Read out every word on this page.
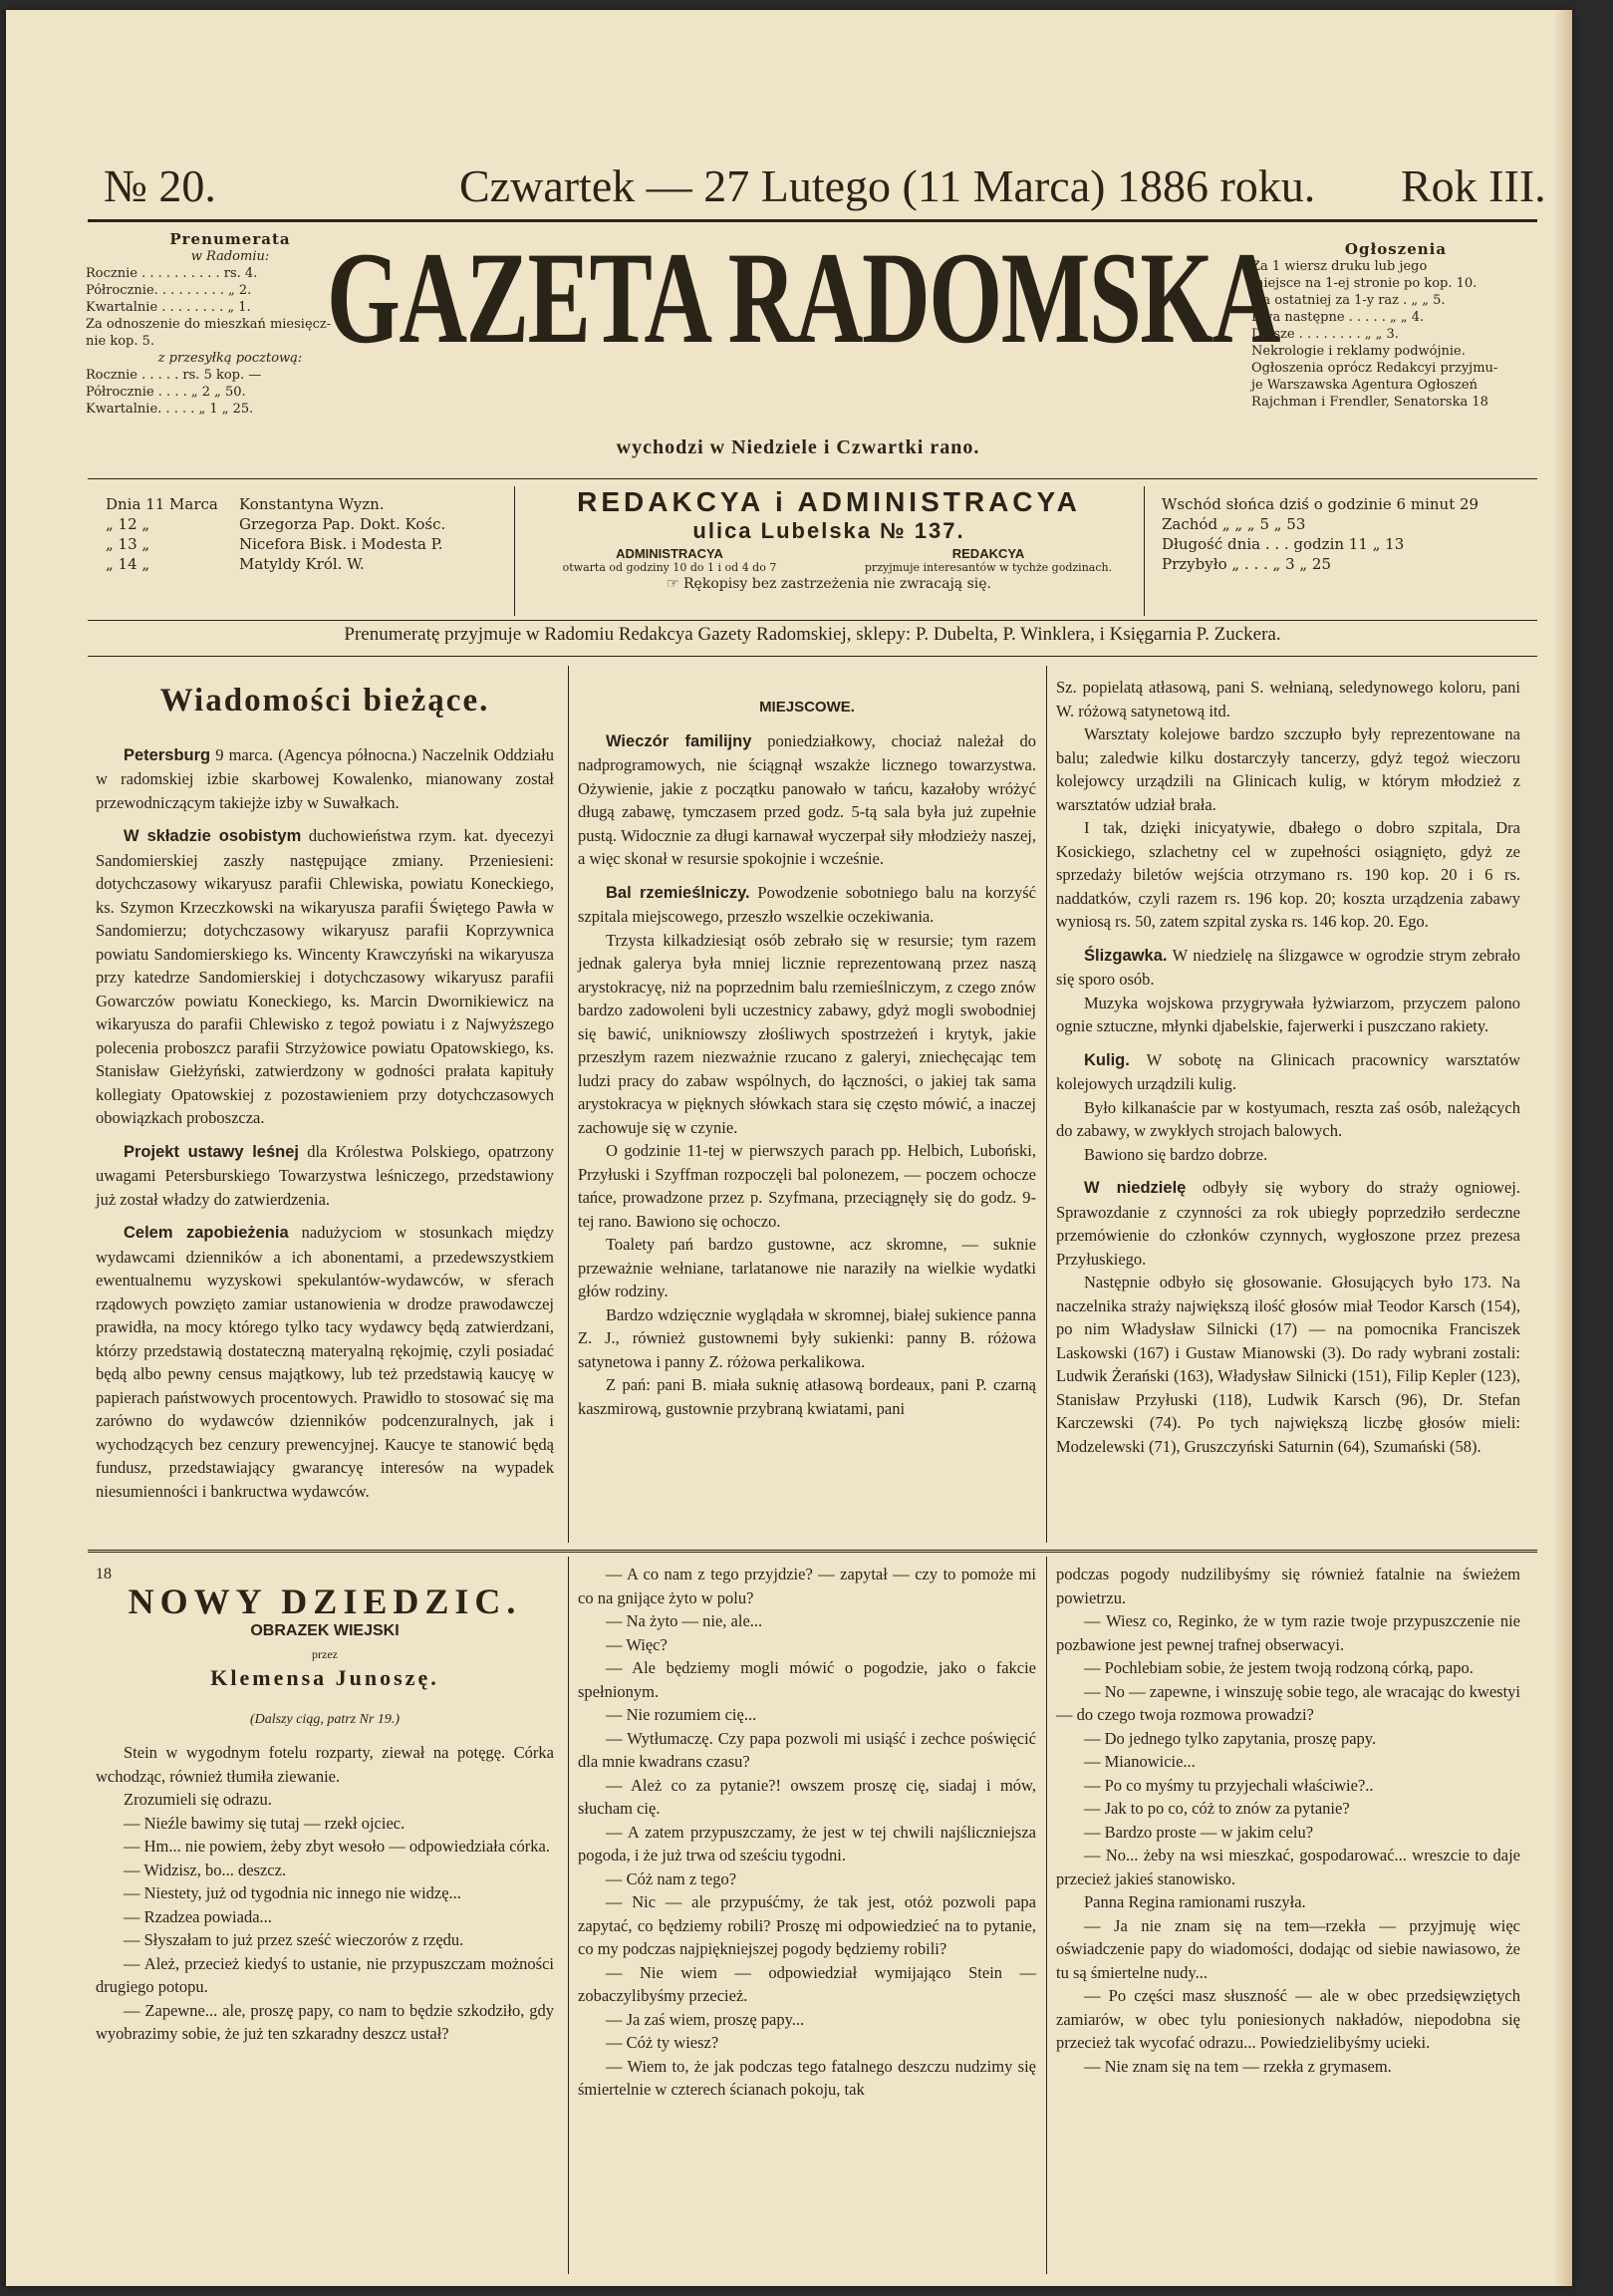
№ 20.	Czwartek — 27 Lutego (11 Marca) 1886 roku. Rok III.
Prenumerata
w Radomiu:
Rocznie . . . . . . . . . . rs. 4.
Półrocznie. . . . . . . . . „ 2.
Kwartalnie . . . . . . . . „ 1.
Za odnoszenie do mieszkań miesięcz-
nie kop. 5.
z przesyłką pocztową:
Rocznie . . . . . rs. 5 kop. —
Półrocznie . . . . „ 2 „ 50.
Kwartalnie. . . . . „ 1 „ 25.
GAZETA RADOMSKA
wychodzi w Niedziele i Czwartki rano.
Ogłoszenia
Za 1 wiersz druku lub jego
miejsce na 1-ej stronie po kop. 10.
Na ostatniej za 1-y raz . „ „ 5.
Dwa następne . . . . . „ „ 4.
Dalsze . . . . . . . . „ „ 3.
Nekrologie i reklamy podwójnie.
Ogłoszenia oprócz Redakcyi przyjmu-
je Warszawska Agentura Ogłoszeń
Rajchman i Frendler, Senatorska 18
Dnia 11 Marca	Konstantyna Wyzn.
„ 12 „	Grzegorza Pap. Dokt. Kośc.
„ 13 „	Nicefora Bisk. i Modesta P.
„ 14 „	Matyldy Król. W.
REDAKCYA i ADMINISTRACYA
ulica Lubelska № 137.
ADMINISTRACYA
otwarta od godziny 10 do 1 i od 4 do 7
REDAKCYA
przyjmuje interesantów w tychże godzinach.
☞ Rękopisy bez zastrzeżenia nie zwracają się.
Wschód słońca dziś o godzinie 6 minut 29
Zachód „ „ „ 5 „ 53
Długość dnia . . . godzin 11 „ 13
Przybyło „ . . . „ 3 „ 25
Prenumeratę przyjmuje w Radomiu Redakcya Gazety Radomskiej, sklepy: P. Dubelta, P. Winklera, i Księgarnia P. Zuckera.
Wiadomości bieżące.

Petersburg 9 marca. (Agencya północna.) Naczelnik Oddziału w radomskiej izbie skarbowej Kowalenko, mianowany został przewodniczącym takiejże izby w Suwałkach.

W składzie osobistym duchowieństwa rzym. kat. dyecezyi Sandomierskiej zaszły następujące zmiany. Przeniesieni: dotychczasowy wikaryusz parafii Chlewiska, powiatu Koneckiego, ks. Szymon Krzeczkowski na wikaryusza parafii Świętego Pawła w Sandomierzu; dotychczasowy wikaryusz parafii Koprzywnica powiatu Sandomierskiego ks. Wincenty Krawczyński na wikaryusza przy katedrze Sandomierskiej i dotychczasowy wikaryusz parafii Gowarczów powiatu Koneckiego, ks. Marcin Dwornikiewicz na wikaryusza do parafii Chlewisko z tegoż powiatu i z Najwyższego polecenia proboszcz parafii Strzyżowice powiatu Opatowskiego, ks. Stanisław Giełżyński, zatwierdzony w godności prałata kapituły kollegiaty Opatowskiej z pozostawieniem przy dotychczasowych obowiązkach proboszcza.

Projekt ustawy leśnej dla Królestwa Polskiego, opatrzony uwagami Petersburskiego Towarzystwa leśniczego, przedstawiony już został władzy do zatwierdzenia.

Celem zapobieżenia nadużyciom w stosunkach między wydawcami dzienników a ich abonentami, a przedewszystkiem ewentualnemu wyzyskowi spekulantów-wydawców, w sferach rządowych powzięto zamiar ustanowienia w drodze prawodawczej prawidła, na mocy którego tylko tacy wydawcy będą zatwierdzani, którzy przedstawią dostateczną materyalną rękojmię, czyli posiadać będą albo pewny census majątkowy, lub też przedstawią kaucyę w papierach państwowych procentowych. Prawidło to stosować się ma zarówno do wydawców dzienników podcenzuralnych, jak i wychodzących bez cenzury prewencyjnej. Kaucye te stanowić będą fundusz, przedstawiający gwarancyę interesów na wypadek niesumienności i bankructwa wydawców.

MIEJSCOWE.

Wieczór familijny poniedziałkowy, chociaż należał do nadprogramowych, nie ściągnął wszakże licznego towarzystwa. Ożywienie, jakie z początku panowało w tańcu, kazałoby wróżyć długą zabawę, tymczasem przed godz. 5-tą sala była już zupełnie pustą. Widocznie za długi karnawał wyczerpał siły młodzieży naszej, a więc skonał w resursie spokojnie i wcześnie.

Bal rzemieślniczy. Powodzenie sobotniego balu na korzyść szpitala miejscowego, przeszło wszelkie oczekiwania.

Trzysta kilkadziesiąt osób zebrało się w resursie; tym razem jednak galerya była mniej licznie reprezentowaną przez naszą arystokracyę, niż na poprzednim balu rzemieślniczym, z czego znów bardzo zadowoleni byli uczestnicy zabawy, gdyż mogli swobodniej się bawić, unikniowszy złośliwych spostrzeżeń i krytyk, jakie przeszłym razem niezważnie rzucano z galeryi, zniechęcając tem ludzi pracy do zabaw wspólnych, do łączności, o jakiej tak sama arystokracya w pięknych słówkach stara się często mówić, a inaczej zachowuje się w czynie.

O godzinie 11-tej w pierwszych parach pp. Helbich, Luboński, Przyłuski i Szyffman rozpoczęli bal polonezem, — poczem ochocze tańce, prowadzone przez p. Szyfmana, przeciągnęły się do godz. 9-tej rano. Bawiono się ochoczo.

Toalety pań bardzo gustowne, acz skromne, — suknie przeważnie wełniane, tarlatanowe nie naraziły na wielkie wydatki głów rodziny.

Bardzo wdzięcznie wyglądała w skromnej, białej sukience panna Z. J., również gustownemi były sukienki: panny B. różowa satynetowa i panny Z. różowa perkalikowa.

Z pań: pani B. miała suknię atłasową bordeaux, pani P. czarną kaszmirową, gustownie przybraną kwiatami, pani

Sz. popielatą atłasową, pani S. wełnianą, seledynowego koloru, pani W. różową satynetową itd.

Warsztaty kolejowe bardzo szczupło były reprezentowane na balu; zaledwie kilku dostarczyły tancerzy, gdyż tegoż wieczoru kolejowcy urządzili na Glinicach kulig, w którym młodzież z warsztatów udział brała.

I tak, dzięki inicyatywie, dbałego o dobro szpitala, Dra Kosickiego, szlachetny cel w zupełności osiągnięto, gdyż ze sprzedaży biletów wejścia otrzymano rs. 190 kop. 20 i 6 rs. naddatków, czyli razem rs. 196 kop. 20; koszta urządzenia zabawy wyniosą rs. 50, zatem szpital zyska rs. 146 kop. 20. Ego.

Ślizgawka. W niedzielę na ślizgawce w ogrodzie strym zebrało się sporo osób.

Muzyka wojskowa przygrywała łyżwiarzom, przyczem palono ognie sztuczne, młynki djabelskie, fajerwerki i puszczano rakiety.

Kulig. W sobotę na Glinicach pracownicy warsztatów kolejowych urządzili kulig.

Było kilkanaście par w kostyumach, reszta zaś osób, należących do zabawy, w zwykłych strojach balowych.

Bawiono się bardzo dobrze.

W niedzielę odbyły się wybory do straży ogniowej. Sprawozdanie z czynności za rok ubiegły poprzedziło serdeczne przemówienie do członków czynnych, wygłoszone przez prezesa Przyłuskiego.

Następnie odbyło się głosowanie. Głosujących było 173. Na naczelnika straży największą ilość głosów miał Teodor Karsch (154), po nim Władysław Silnicki (17) — na pomocnika Franciszek Laskowski (167) i Gustaw Mianowski (3). Do rady wybrani zostali: Ludwik Żerański (163), Władysław Silnicki (151), Filip Kepler (123), Stanisław Przyłuski (118), Ludwik Karsch (96), Dr. Stefan Karczewski (74). Po tych największą liczbę głosów mieli: Modzelewski (71), Gruszczyński Saturnin (64), Szumański (58).

18
NOWY DZIEDZIC.
OBRAZEK WIEJSKI
przez
Klemensa Junoszę.
(Dalszy ciąg, patrz Nr 19.)

Stein w wygodnym fotelu rozparty, ziewał na potęgę. Córka wchodząc, również tłumiła ziewanie.

Zrozumieli się odrazu.

— Nieźle bawimy się tutaj — rzekł ojciec.

— Hm... nie powiem, żeby zbyt wesoło — odpowiedziała córka.

— Widzisz, bo... deszcz.

— Niestety, już od tygodnia nic innego nie widzę...

— Rzadzea powiada...

— Słyszałam to już przez sześć wieczorów z rzędu.

— Ależ, przecież kiedyś to ustanie, nie przypuszczam możności drugiego potopu.

— Zapewne... ale, proszę papy, co nam to będzie szkodziło, gdy wyobrazimy sobie, że już ten szkaradny deszcz ustał?

— A co nam z tego przyjdzie? — zapytał — czy to pomoże mi co na gnijące żyto w polu?

— Na żyto — nie, ale...

— Więc?

— Ale będziemy mogli mówić o pogodzie, jako o fakcie spełnionym.

— Nie rozumiem cię...

— Wytłumaczę. Czy papa pozwoli mi usiąść i zechce poświęcić dla mnie kwadrans czasu?

— Ależ co za pytanie?! owszem proszę cię, siadaj i mów, słucham cię.

— A zatem przypuszczamy, że jest w tej chwili najśliczniejsza pogoda, i że już trwa od sześciu tygodni.

— Cóż nam z tego?

— Nic — ale przypuśćmy, że tak jest, otóż pozwoli papa zapytać, co będziemy robili? Proszę mi odpowiedzieć na to pytanie, co my podczas najpiękniejszej pogody będziemy robili?

— Nie wiem — odpowiedział wymijająco Stein — zobaczylibyśmy przecież.

— Ja zaś wiem, proszę papy...

— Cóż ty wiesz?

— Wiem to, że jak podczas tego fatalnego deszczu nudzimy się śmiertelnie w czterech ścianach pokoju, tak

podczas pogody nudzilibyśmy się również fatalnie na świeżem powietrzu.

— Wiesz co, Reginko, że w tym razie twoje przypuszczenie nie pozbawione jest pewnej trafnej obserwacyi.

— Pochlebiam sobie, że jestem twoją rodzoną córką, papo.

— No — zapewne, i winszuję sobie tego, ale wracając do kwestyi — do czego twoja rozmowa prowadzi?

— Do jednego tylko zapytania, proszę papy.

— Mianowicie...

— Po co myśmy tu przyjechali właściwie?..

— Jak to po co, cóż to znów za pytanie?

— Bardzo proste — w jakim celu?

— No... żeby na wsi mieszkać, gospodarować... wreszcie to daje przecież jakieś stanowisko.

Panna Regina ramionami ruszyła.

— Ja nie znam się na tem—rzekła — przyjmuję więc oświadczenie papy do wiadomości, dodając od siebie nawiasowo, że tu są śmiertelne nudy...

— Po części masz słuszność — ale w obec przedsięwziętych zamiarów, w obec tylu poniesionych nakładów, niepodobna się przecież tak wycofać odrazu... Powiedzielibyśmy ucieki.

— Nie znam się na tem — rzekła z grymasem.
